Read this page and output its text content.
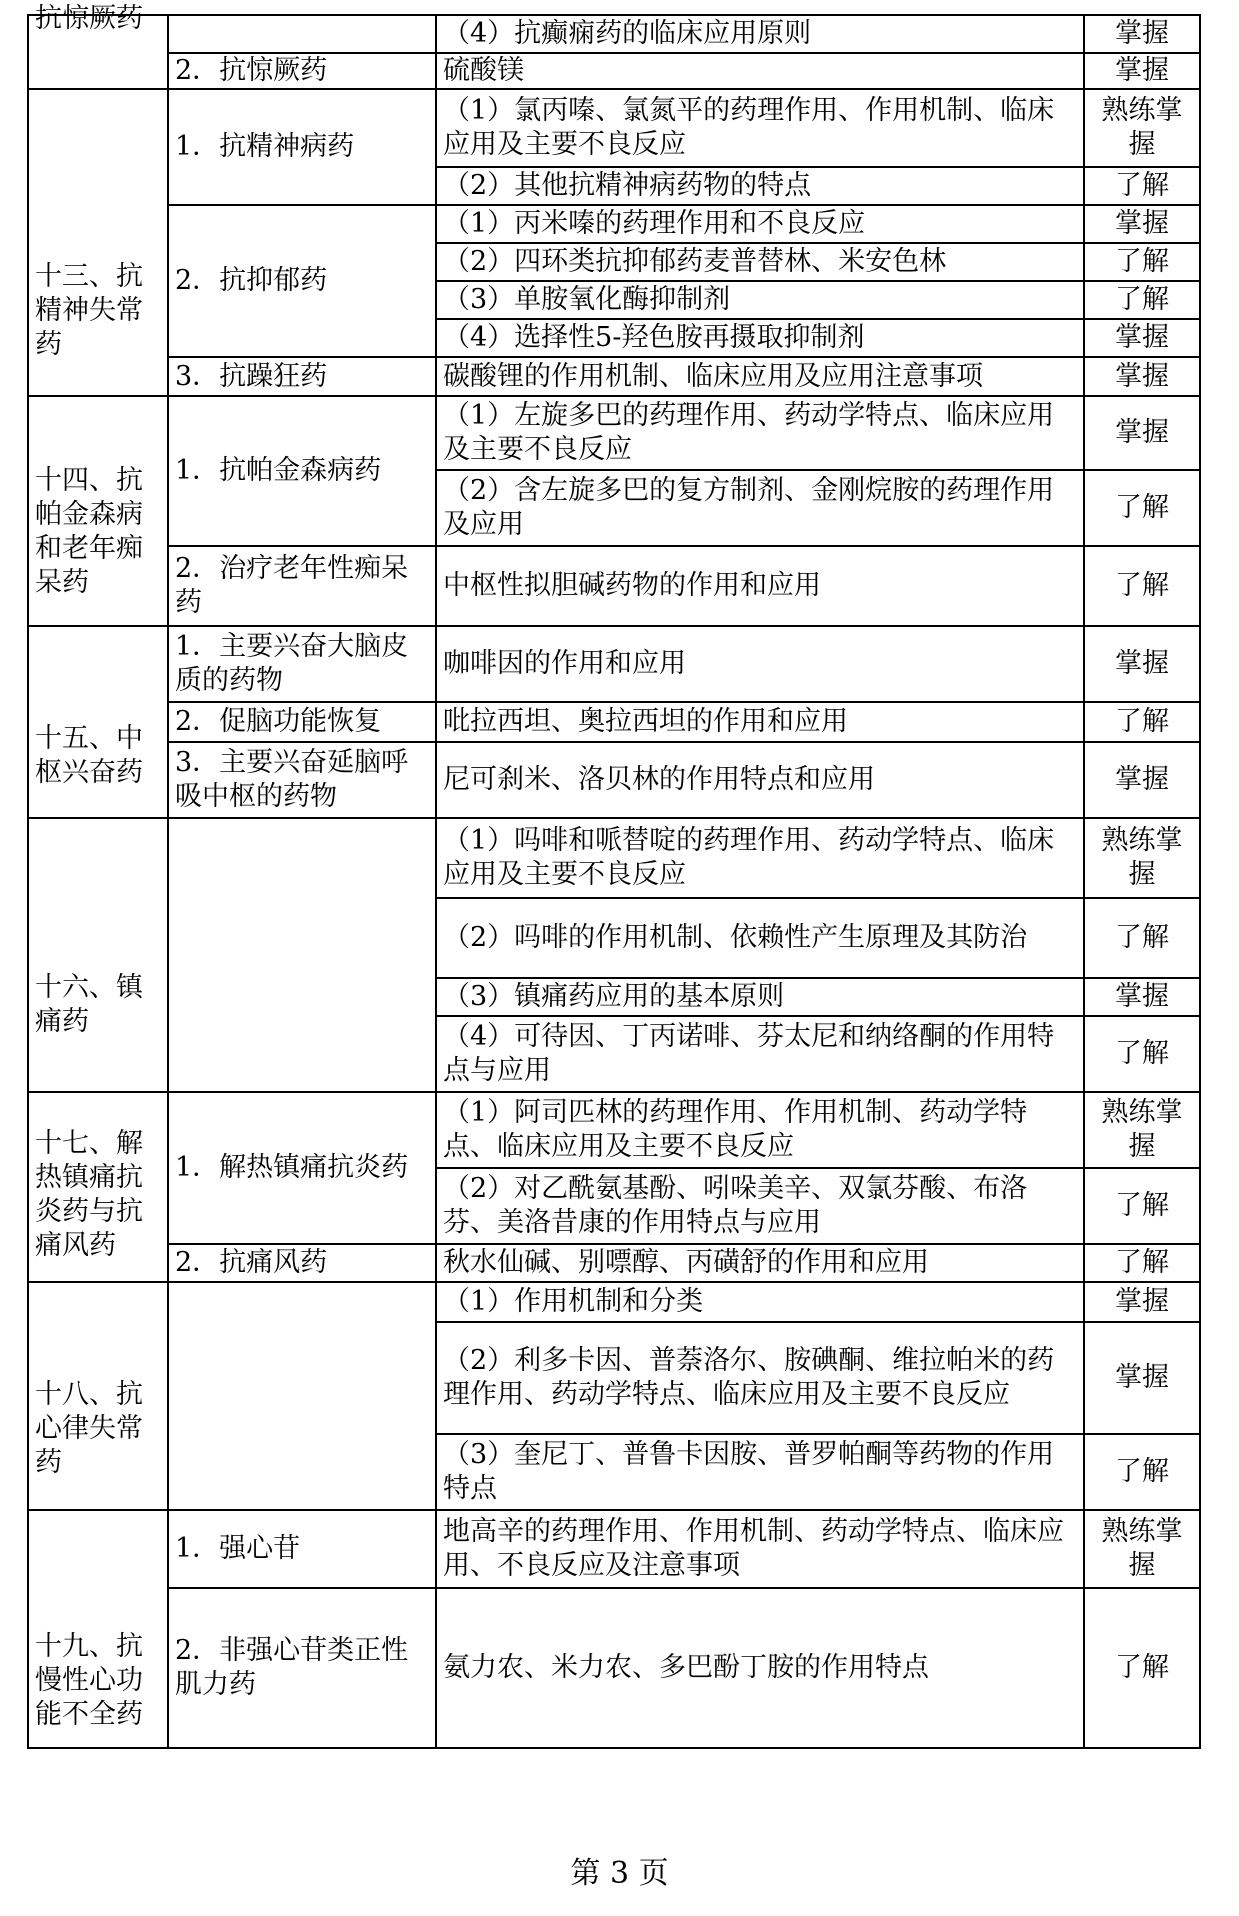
抗惊厥药		（4）抗癫痫药的临床应用原则	掌握
	2．抗惊厥药	硫酸镁	掌握
十三、抗精神失常药	1．抗精神病药	（1）氯丙嗪、氯氮平的药理作用、作用机制、临床应用及主要不良反应	熟练掌握
		（2）其他抗精神病药物的特点	了解
	2．抗抑郁药	（1）丙米嗪的药理作用和不良反应	掌握
		（2）四环类抗抑郁药麦普替林、米安色林	了解
		（3）单胺氧化酶抑制剂	了解
		（4）选择性5-羟色胺再摄取抑制剂	掌握
	3．抗躁狂药	碳酸锂的作用机制、临床应用及应用注意事项	掌握
十四、抗帕金森病和老年痴呆药	1．抗帕金森病药	（1）左旋多巴的药理作用、药动学特点、临床应用及主要不良反应	掌握
		（2）含左旋多巴的复方制剂、金刚烷胺的药理作用及应用	了解
	2．治疗老年性痴呆药	中枢性拟胆碱药物的作用和应用	了解
十五、中枢兴奋药	1．主要兴奋大脑皮质的药物	咖啡因的作用和应用	掌握
	2．促脑功能恢复	吡拉西坦、奥拉西坦的作用和应用	了解
	3．主要兴奋延脑呼吸中枢的药物	尼可刹米、洛贝林的作用特点和应用	掌握
十六、镇痛药		（1）吗啡和哌替啶的药理作用、药动学特点、临床应用及主要不良反应	熟练掌握
		（2）吗啡的作用机制、依赖性产生原理及其防治	了解
		（3）镇痛药应用的基本原则	掌握
		（4）可待因、丁丙诺啡、芬太尼和纳络酮的作用特点与应用	了解
十七、解热镇痛抗炎药与抗痛风药	1．解热镇痛抗炎药	（1）阿司匹林的药理作用、作用机制、药动学特点、临床应用及主要不良反应	熟练掌握
		（2）对乙酰氨基酚、吲哚美辛、双氯芬酸、布洛芬、美洛昔康的作用特点与应用	了解
	2．抗痛风药	秋水仙碱、别嘌醇、丙磺舒的作用和应用	了解
十八、抗心律失常药		（1）作用机制和分类	掌握
		（2）利多卡因、普萘洛尔、胺碘酮、维拉帕米的药理作用、药动学特点、临床应用及主要不良反应	掌握
		（3）奎尼丁、普鲁卡因胺、普罗帕酮等药物的作用特点	了解
十九、抗慢性心功能不全药	1．强心苷	地高辛的药理作用、作用机制、药动学特点、临床应用、不良反应及注意事项	熟练掌握
	2．非强心苷类正性肌力药	氨力农、米力农、多巴酚丁胺的作用特点	了解
第 3 页
